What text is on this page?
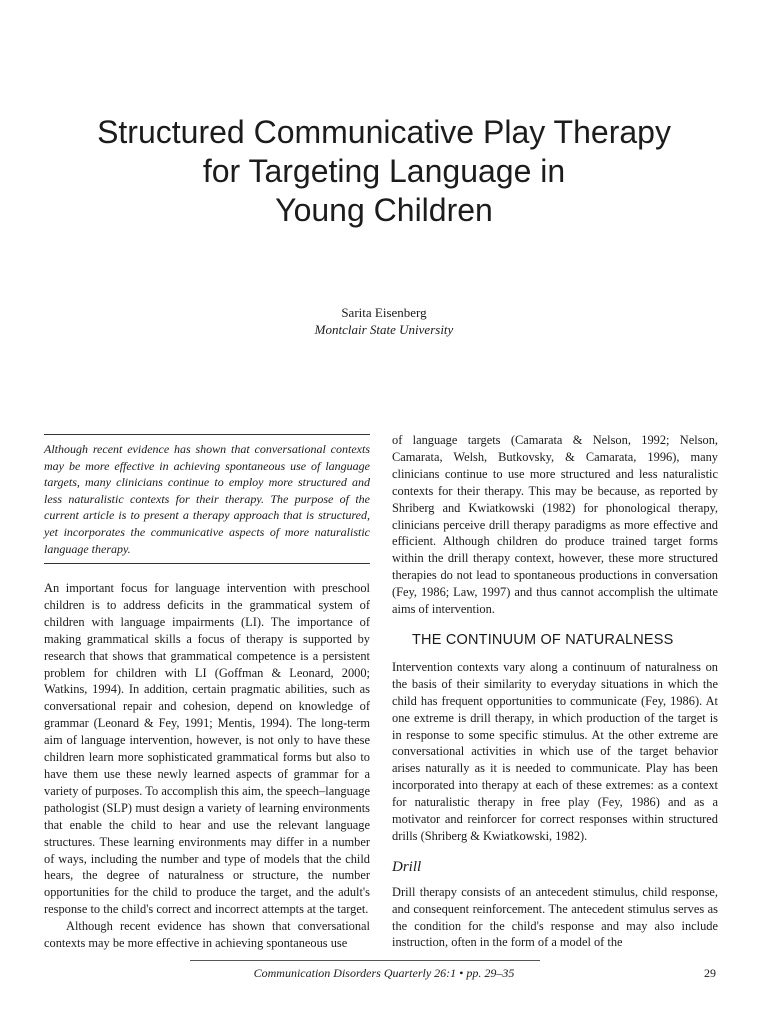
Structured Communicative Play Therapy
for Targeting Language in
Young Children
Sarita Eisenberg
Montclair State University
Although recent evidence has shown that conversational contexts may be more effective in achieving spontaneous use of language targets, many clinicians continue to employ more structured and less naturalistic contexts for their therapy. The purpose of the current article is to present a therapy approach that is structured, yet incorporates the communicative aspects of more naturalistic language therapy.

An important focus for language intervention with preschool children is to address deficits in the grammatical system of children with language impairments (LI). The importance of making grammatical skills a focus of therapy is supported by research that shows that grammatical competence is a persistent problem for children with LI (Goffman & Leonard, 2000; Watkins, 1994). In addition, certain pragmatic abilities, such as conversational repair and cohesion, depend on knowledge of grammar (Leonard & Fey, 1991; Mentis, 1994). The long-term aim of language intervention, however, is not only to have these children learn more sophisticated grammatical forms but also to have them use these newly learned aspects of grammar for a variety of purposes. To accomplish this aim, the speech–language pathologist (SLP) must design a variety of learning environments that enable the child to hear and use the relevant language structures. These learning environments may differ in a number of ways, including the number and type of models that the child hears, the degree of naturalness or structure, the number opportunities for the child to produce the target, and the adult's response to the child's correct and incorrect attempts at the target.

Although recent evidence has shown that conversational contexts may be more effective in achieving spontaneous use

of language targets (Camarata & Nelson, 1992; Nelson, Camarata, Welsh, Butkovsky, & Camarata, 1996), many clinicians continue to use more structured and less naturalistic contexts for their therapy. This may be because, as reported by Shriberg and Kwiatkowski (1982) for phonological therapy, clinicians perceive drill therapy paradigms as more effective and efficient. Although children do produce trained target forms within the drill therapy context, however, these more structured therapies do not lead to spontaneous productions in conversation (Fey, 1986; Law, 1997) and thus cannot accomplish the ultimate aims of intervention.

THE CONTINUUM OF NATURALNESS

Intervention contexts vary along a continuum of naturalness on the basis of their similarity to everyday situations in which the child has frequent opportunities to communicate (Fey, 1986). At one extreme is drill therapy, in which production of the target is in response to some specific stimulus. At the other extreme are conversational activities in which use of the target behavior arises naturally as it is needed to communicate. Play has been incorporated into therapy at each of these extremes: as a context for naturalistic therapy in free play (Fey, 1986) and as a motivator and reinforcer for correct responses within structured drills (Shriberg & Kwiatkowski, 1982).

Drill

Drill therapy consists of an antecedent stimulus, child response, and consequent reinforcement. The antecedent stimulus serves as the condition for the child's response and may also include instruction, often in the form of a model of the

Communication Disorders Quarterly 26:1 • pp. 29–35	29
